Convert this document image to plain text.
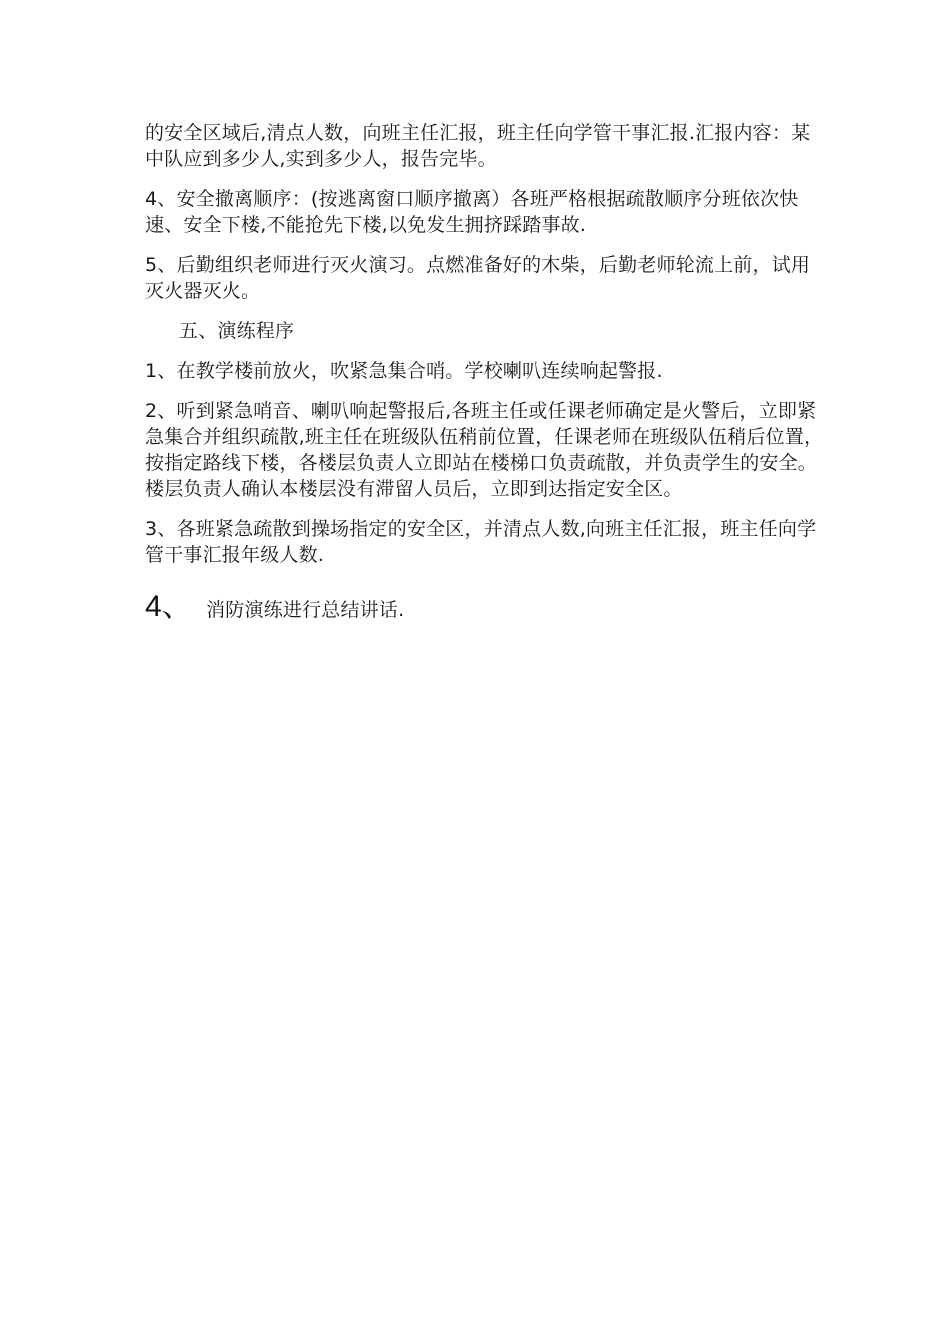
的安全区域后,清点人数，向班主任汇报，班主任向学管干事汇报.汇报内容：某中队应到多少人,实到多少人，报告完毕。

4、安全撤离顺序：(按逃离窗口顺序撤离）各班严格根据疏散顺序分班依次快速、安全下楼,不能抢先下楼,以免发生拥挤踩踏事故.

5、后勤组织老师进行灭火演习。点燃准备好的木柴，后勤老师轮流上前，试用灭火器灭火。

五、演练程序

1、在教学楼前放火，吹紧急集合哨。学校喇叭连续响起警报.

2、听到紧急哨音、喇叭响起警报后,各班主任或任课老师确定是火警后，立即紧急集合并组织疏散,班主任在班级队伍稍前位置，任课老师在班级队伍稍后位置，按指定路线下楼，各楼层负责人立即站在楼梯口负责疏散，并负责学生的安全。楼层负责人确认本楼层没有滞留人员后，立即到达指定安全区。

3、各班紧急疏散到操场指定的安全区，并清点人数,向班主任汇报，班主任向学管干事汇报年级人数.

4、 消防演练进行总结讲话.
